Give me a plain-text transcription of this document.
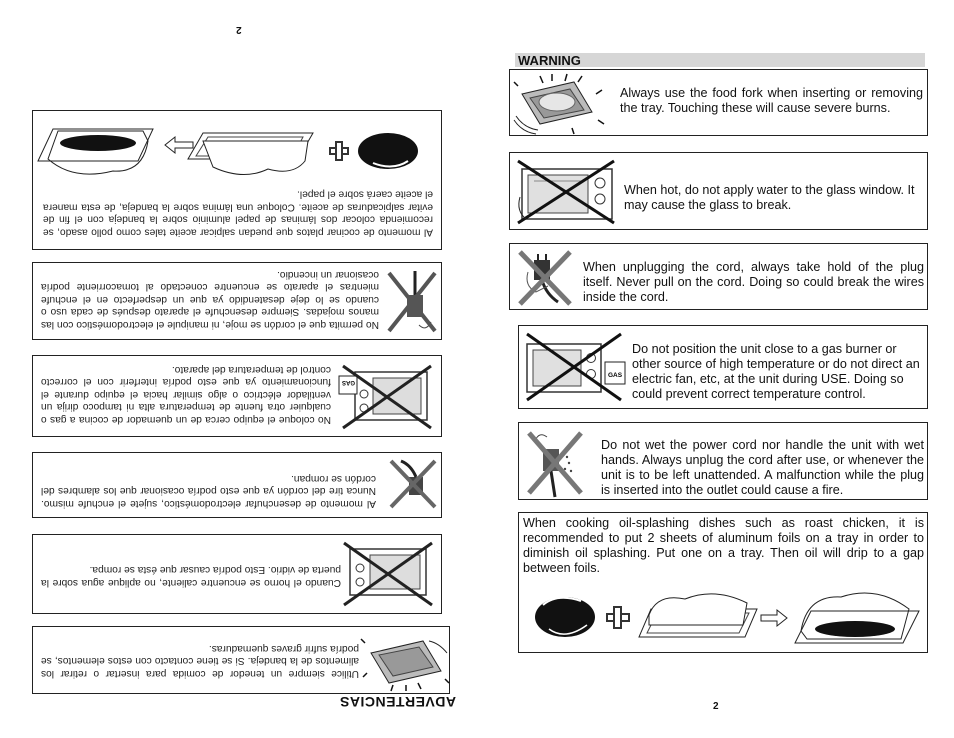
2
ADVERTENCIAS
Al momento de cocinar platos que puedan salpicar aceite tales como pollo asado, se recomienda colocar dos láminas de papel aluminio sobre la bandeja con el fin de evitar salpicaduras de aceite. Coloque una lámina sobre la bandeja, de esta manera el aceite caerá sobre el papel.
No permita que el cordón se moje, ni manipule el electrodoméstico con las manos mojadas. Siempre desenchufe el aparato después de cada uso o cuando se lo deje desatendido ya que un desperfecto en el enchufe mientras el aparato se encuentre conectado al tomacorriente podría ocasionar un incendio.
No coloque el equipo cerca de un quemador de cocina a gas o cualquier otra fuente de temperatura alta ni tampoco dirija un ventilador eléctrico o algo similar hacia el equipo durante el funcionamiento ya que esto podría interferir con el correcto control de temperatura del aparato.
GAS
Al momento de desenchufar electrodoméstico, sujete el enchufe mismo. Nunca tire del cordón ya que esto podría ocasionar que los alambres del cordón se rompan.
Cuando el horno se encuentre caliente, no aplique agua sobre la puerta de vidrio. Esto podría causar que ésta se rompa.
Utilice siempre un tenedor de comida para insertar o retirar los alimentos de la bandeja. Si se tiene contacto con estos elementos, se podría sufrir graves quemaduras.
WARNING
Always use the food fork when inserting or removing the tray. Touching these will cause severe burns.
When hot, do not apply water to the glass window. It may cause the glass to break.
When unplugging the cord, always take hold of the plug itself. Never pull on the cord. Doing so could break the wires inside the cord.
GAS
Do not position the unit close to a gas burner or other source of high temperature or do not direct an electric fan, etc, at the unit during USE. Doing so could prevent correct temperature control.
Do not wet the power cord nor handle the unit with wet hands. Always unplug the cord after use, or whenever the unit is to be left unattended. A malfunction while the plug is inserted into the outlet could cause a fire.
When cooking oil-splashing dishes such as roast chicken, it is recommended to put 2 sheets of aluminum foils on a tray in order to diminish oil splashing. Put one on a tray. Then oil will drip to a gap between foils.
2
